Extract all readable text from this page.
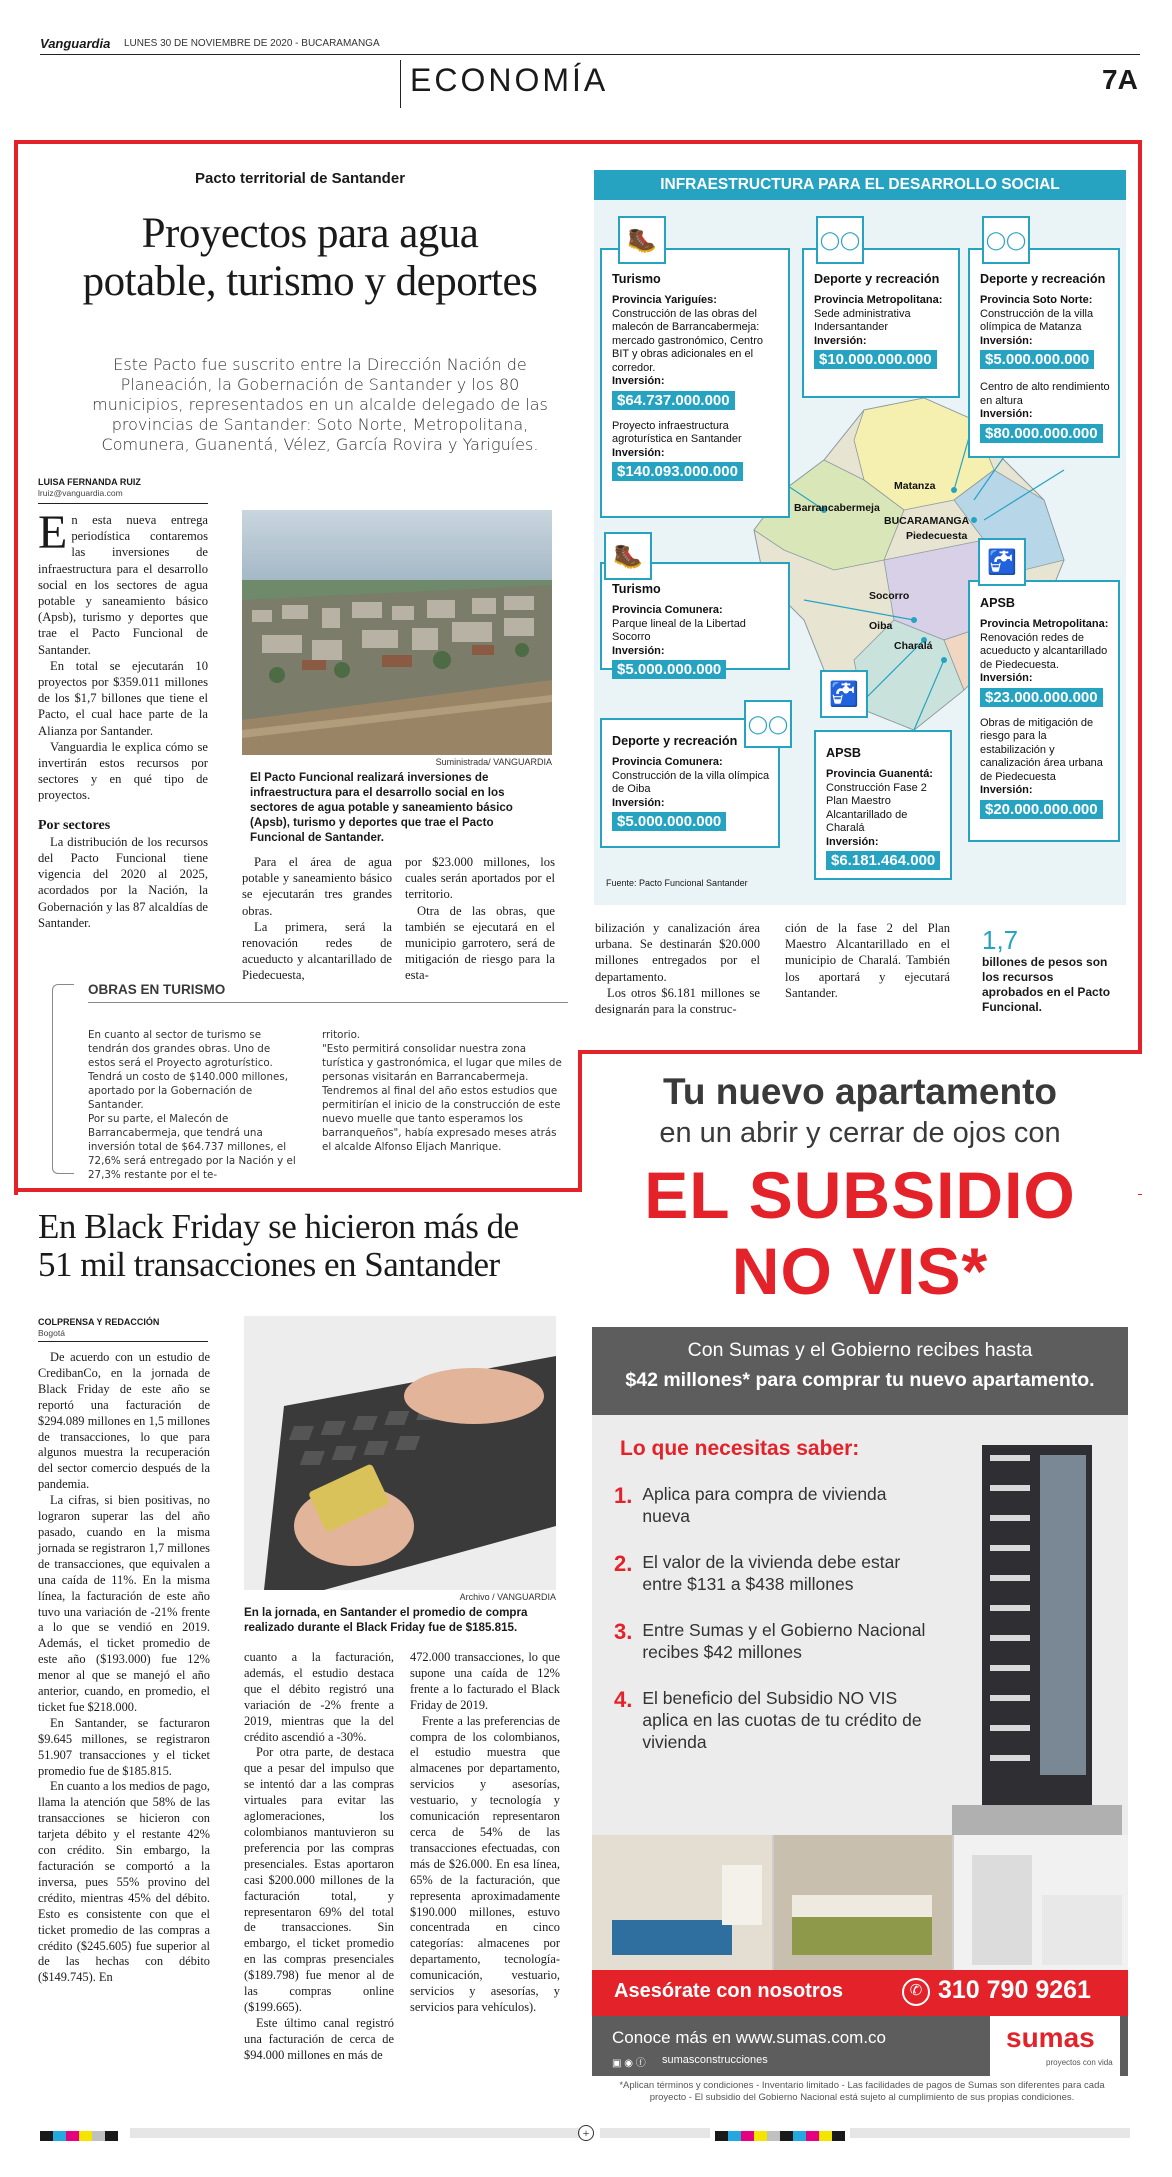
Vanguardia LUNES 30 DE NOVIEMBRE DE 2020 - BUCARAMANGA
ECONOMÍA	7A
Pacto territorial de Santander
Proyectos para agua
potable, turismo y deportes
Este Pacto fue suscrito entre la Dirección Nación de Planeación, la Gobernación de Santander y los 80 municipios, representados en un alcalde delegado de las provincias de Santander: Soto Norte, Metropolitana, Comunera, Guanentá, Vélez, García Rovira y Yariguíes.
LUISA FERNANDA RUIZ
lruiz@vanguardia.com

En esta nueva entrega periodística contaremos las inversiones de infraestructura para el desarrollo social en los sectores de agua potable y saneamiento básico (Apsb), turismo y deportes que trae el Pacto Funcional de Santander.

En total se ejecutarán 10 proyectos por $359.011 millones de los $1,7 billones que tiene el Pacto, el cual hace parte de la Alianza por Santander.

Vanguardia le explica cómo se invertirán estos recursos por sectores y en qué tipo de proyectos.

Por sectores

La distribución de los recursos del Pacto Funcional tiene vigencia del 2020 al 2025, acordados por la Nación, la Gobernación y las 87 alcaldías de Santander.

Suministrada/ VANGUARDIA
El Pacto Funcional realizará inversiones de infraestructura para el desarrollo social en los sectores de agua potable y saneamiento básico (Apsb), turismo y deportes que trae el Pacto Funcional de Santander.

Para el área de agua potable y saneamiento básico se ejecutarán tres grandes obras.

La primera, será la renovación redes de acueducto y alcantarillado de Piedecuesta,

por $23.000 millones, los cuales serán aportados por el territorio.

Otra de las obras, que también se ejecutará en el municipio garrotero, será de mitigación de riesgo para la esta-

OBRAS EN TURISMO
En cuanto al sector de turismo se tendrán dos grandes obras. Uno de estos será el Proyecto agroturístico. Tendrá un costo de $140.000 millones, aportado por la Gobernación de Santander.
Por su parte, el Malecón de Barrancabermeja, que tendrá una inversión total de $64.737 millones, el 72,6% será entregado por la Nación y el 27,3% restante por el te-
rritorio.
"Esto permitirá consolidar nuestra zona turística y gastronómica, el lugar que miles de personas visitarán en Barrancabermeja. Tendremos al final del año estos estudios que permitirían el inicio de la construcción de este nuevo muelle que tanto esperamos los barranqueños", había expresado meses atrás el alcalde Alfonso Eljach Manrique.

bilización y canalización área urbana. Se destinarán $20.000 millones entregados por el departamento.

Los otros $6.181 millones se designarán para la construc-

ción de la fase 2 del Plan Maestro Alcantarillado en el municipio de Charalá. También los aportará y ejecutará Santander.

1,7
billones de pesos son los recursos aprobados en el Pacto Funcional.
INFRAESTRUCTURA PARA EL DESARROLLO SOCIAL
Matanza
Barrancabermeja
BUCARAMANGA
Piedecuesta
Socorro
Oiba
Charalá
Turismo
Provincia Yariguíes:
Construcción de las obras del malecón de Barrancabermeja: mercado gastronómico, Centro BIT y obras adicionales en el corredor.
Inversión:
$64.737.000.000
Proyecto infraestructura agroturística en Santander
Inversión:
$140.093.000.000
🥾
Deporte y recreación
Provincia Metropolitana:
Sede administrativa Indersantander
Inversión:
$10.000.000.000
◯◯
Deporte y recreación
Provincia Soto Norte:
Construcción de la villa olímpica de Matanza
Inversión:
$5.000.000.000
Centro de alto rendimiento en altura
Inversión:
$80.000.000.000
◯◯
Turismo
Provincia Comunera:
Parque lineal de la Libertad Socorro
Inversión:
$5.000.000.000
🥾
APSB
Provincia Metropolitana:
Renovación redes de acueducto y alcantarillado de Piedecuesta.
Inversión:
$23.000.000.000
Obras de mitigación de riesgo para la estabilización y canalización área urbana de Piedecuesta
Inversión:
$20.000.000.000
🚰
Deporte y recreación
Provincia Comunera:
Construcción de la villa olímpica de Oiba
Inversión:
$5.000.000.000
◯◯
APSB
Provincia Guanentá:
Construcción Fase 2 Plan Maestro Alcantarillado de Charalá
Inversión:
$6.181.464.000
🚰
Fuente: Pacto Funcional Santander
En Black Friday se hicieron más de
51 mil transacciones en Santander
COLPRENSA Y REDACCIÓN
Bogotá
Archivo / VANGUARDIA
En la jornada, en Santander el promedio de compra realizado durante el Black Friday fue de $185.815.

De acuerdo con un estudio de CredibanCo, en la jornada de Black Friday de este año se reportó una facturación de $294.089 millones en 1,5 millones de transacciones, lo que para algunos muestra la recuperación del sector comercio después de la pandemia.

La cifras, si bien positivas, no lograron superar las del año pasado, cuando en la misma jornada se registraron 1,7 millones de transacciones, que equivalen a una caída de 11%. En la misma línea, la facturación de este año tuvo una variación de -21% frente a lo que se vendió en 2019. Además, el ticket promedio de este año ($193.000) fue 12% menor al que se manejó el año anterior, cuando, en promedio, el ticket fue $218.000.

En Santander, se facturaron $9.645 millones, se registraron 51.907 transacciones y el ticket promedio fue de $185.815.

En cuanto a los medios de pago, llama la atención que 58% de las transacciones se hicieron con tarjeta débito y el restante 42% con crédito. Sin embargo, la facturación se comportó a la inversa, pues 55% provino del crédito, mientras 45% del débito. Esto es consistente con que el ticket promedio de las compras a crédito ($245.605) fue superior al de las hechas con débito ($149.745). En

cuanto a la facturación, además, el estudio destaca que el débito registró una variación de -2% frente a 2019, mientras que la del crédito ascendió a -30%.

Por otra parte, de destaca que a pesar del impulso que se intentó dar a las compras virtuales para evitar las aglomeraciones, los colombianos mantuvieron su preferencia por las compras presenciales. Estas aportaron casi $200.000 millones de la facturación total, y representaron 69% del total de transacciones. Sin embargo, el ticket promedio en las compras presenciales ($189.798) fue menor al de las compras online ($199.665).

Este último canal registró una facturación de cerca de $94.000 millones en más de

472.000 transacciones, lo que supone una caída de 12% frente a lo facturado el Black Friday de 2019.

Frente a las preferencias de compra de los colombianos, el estudio muestra que almacenes por departamento, servicios y asesorías, vestuario, y tecnología y comunicación representaron cerca de 54% de las transacciones efectuadas, con más de $26.000. En esa línea, 65% de la facturación, que representa aproximadamente $190.000 millones, estuvo concentrada en cinco categorías: almacenes por departamento, tecnología-comunicación, vestuario, servicios y asesorías, y servicios para vehículos).

Tu nuevo apartamento
en un abrir y cerrar de ojos con
EL SUBSIDIO
NO VIS*
Con Sumas y el Gobierno recibes hasta
$42 millones* para comprar tu nuevo apartamento.
Lo que necesitas saber:
1. Aplica para compra de vivienda nueva
2. El valor de la vivienda debe estar entre $131 a $438 millones
3. Entre Sumas y el Gobierno Nacional recibes $42 millones
4. El beneficio del Subsidio NO VIS aplica en las cuotas de tu crédito de vivienda
Asesórate con nosotros	✆ 310 790 9261
Conoce más en www.sumas.com.co
▣ ◉ ⓕ sumasconstrucciones
sumas
proyectos con vida
*Aplican términos y condiciones - Inventario limitado - Las facilidades de pagos de Sumas son diferentes para cada proyecto - El subsidio del Gobierno Nacional está sujeto al cumplimiento de sus propias condiciones.
+
